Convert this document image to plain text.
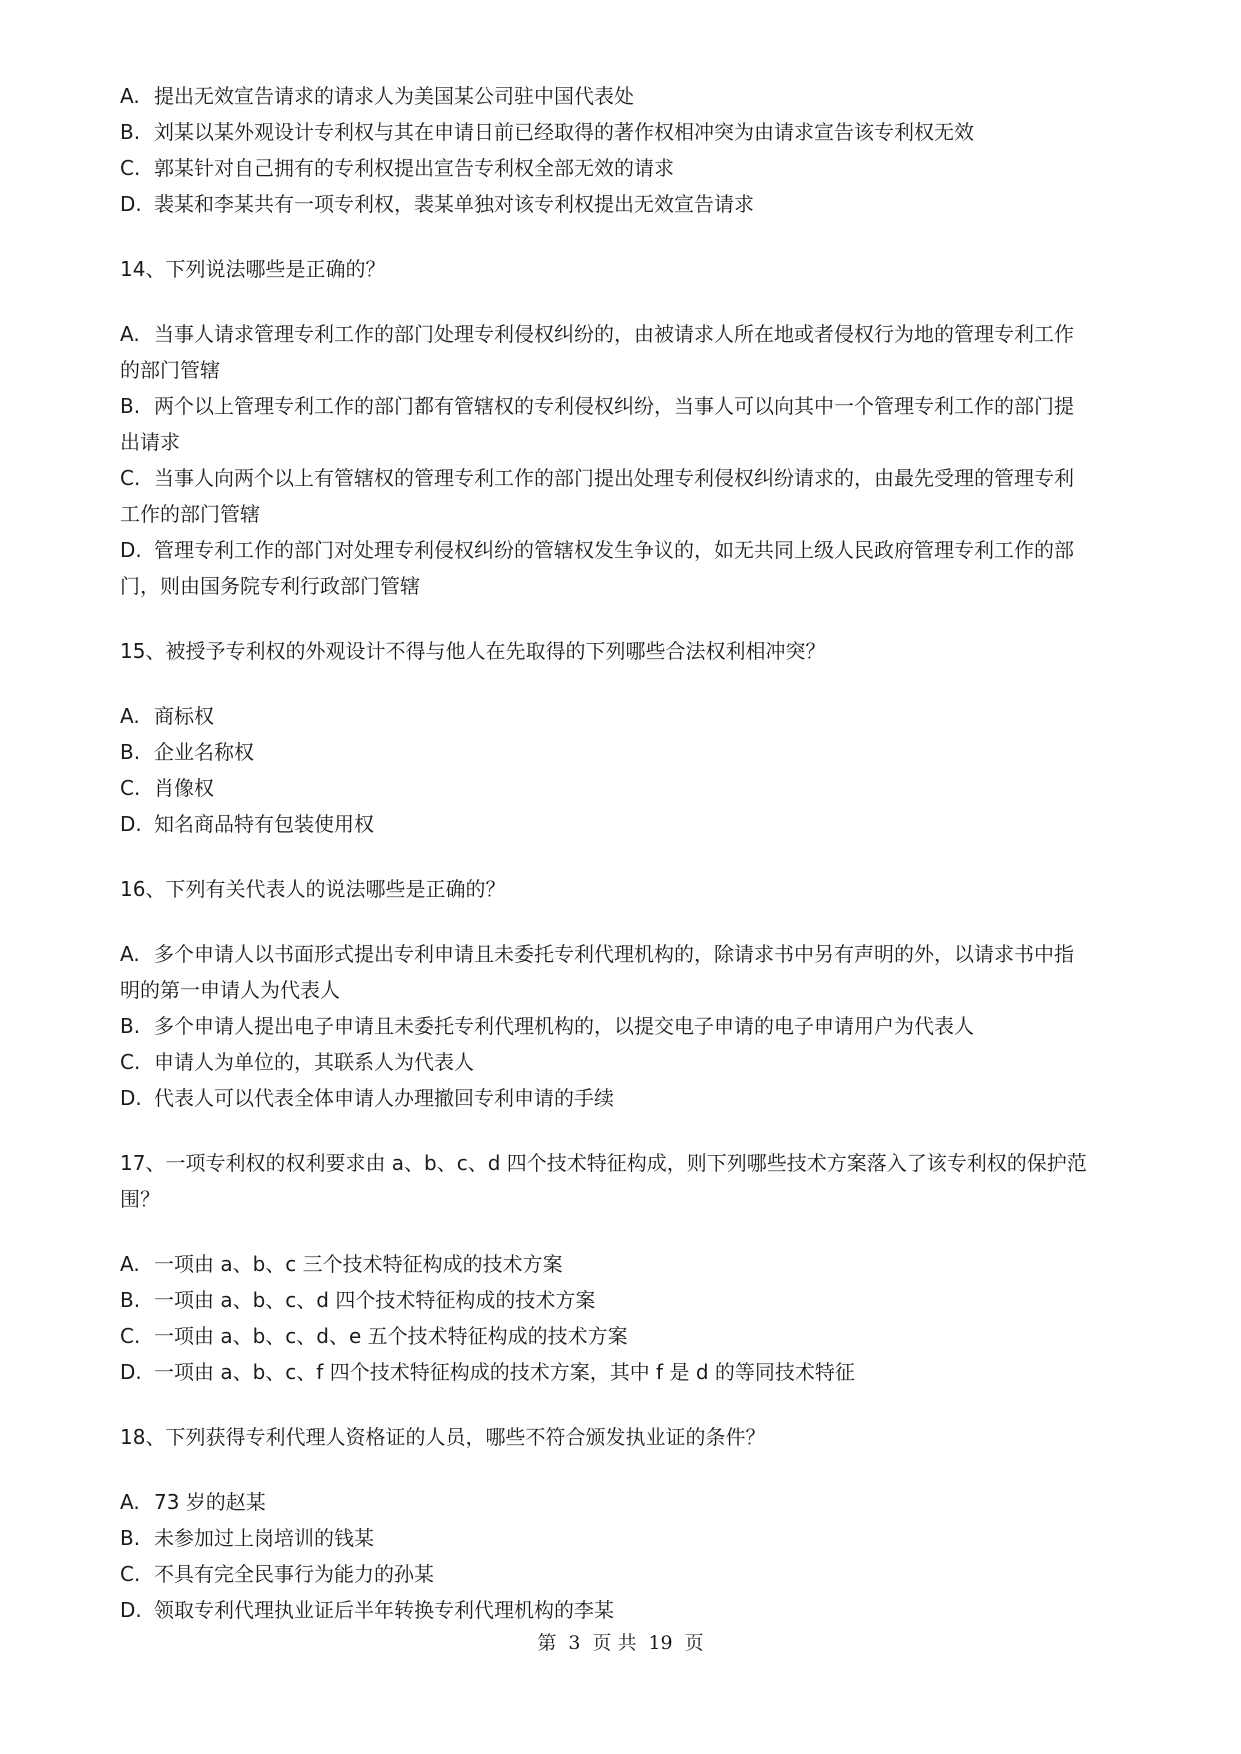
A. 提出无效宣告请求的请求人为美国某公司驻中国代表处
B. 刘某以某外观设计专利权与其在申请日前已经取得的著作权相冲突为由请求宣告该专利权无效
C. 郭某针对自己拥有的专利权提出宣告专利权全部无效的请求
D. 裴某和李某共有一项专利权，裴某单独对该专利权提出无效宣告请求
14、下列说法哪些是正确的？
A. 当事人请求管理专利工作的部门处理专利侵权纠纷的，由被请求人所在地或者侵权行为地的管理专利工作
的部门管辖
B. 两个以上管理专利工作的部门都有管辖权的专利侵权纠纷，当事人可以向其中一个管理专利工作的部门提
出请求
C. 当事人向两个以上有管辖权的管理专利工作的部门提出处理专利侵权纠纷请求的，由最先受理的管理专利
工作的部门管辖
D. 管理专利工作的部门对处理专利侵权纠纷的管辖权发生争议的，如无共同上级人民政府管理专利工作的部
门，则由国务院专利行政部门管辖
15、被授予专利权的外观设计不得与他人在先取得的下列哪些合法权利相冲突？
A. 商标权
B. 企业名称权
C. 肖像权
D. 知名商品特有包装使用权
16、下列有关代表人的说法哪些是正确的？
A. 多个申请人以书面形式提出专利申请且未委托专利代理机构的，除请求书中另有声明的外，以请求书中指
明的第一申请人为代表人
B. 多个申请人提出电子申请且未委托专利代理机构的，以提交电子申请的电子申请用户为代表人
C. 申请人为单位的，其联系人为代表人
D. 代表人可以代表全体申请人办理撤回专利申请的手续
17、一项专利权的权利要求由 a、b、c、d 四个技术特征构成，则下列哪些技术方案落入了该专利权的保护范
围？
A. 一项由 a、b、c 三个技术特征构成的技术方案
B. 一项由 a、b、c、d 四个技术特征构成的技术方案
C. 一项由 a、b、c、d、e 五个技术特征构成的技术方案
D. 一项由 a、b、c、f 四个技术特征构成的技术方案，其中 f 是 d 的等同技术特征
18、下列获得专利代理人资格证的人员，哪些不符合颁发执业证的条件？
A. 73 岁的赵某
B. 未参加过上岗培训的钱某
C. 不具有完全民事行为能力的孙某
D. 领取专利代理执业证后半年转换专利代理机构的李某
第 3 页 共 19 页
